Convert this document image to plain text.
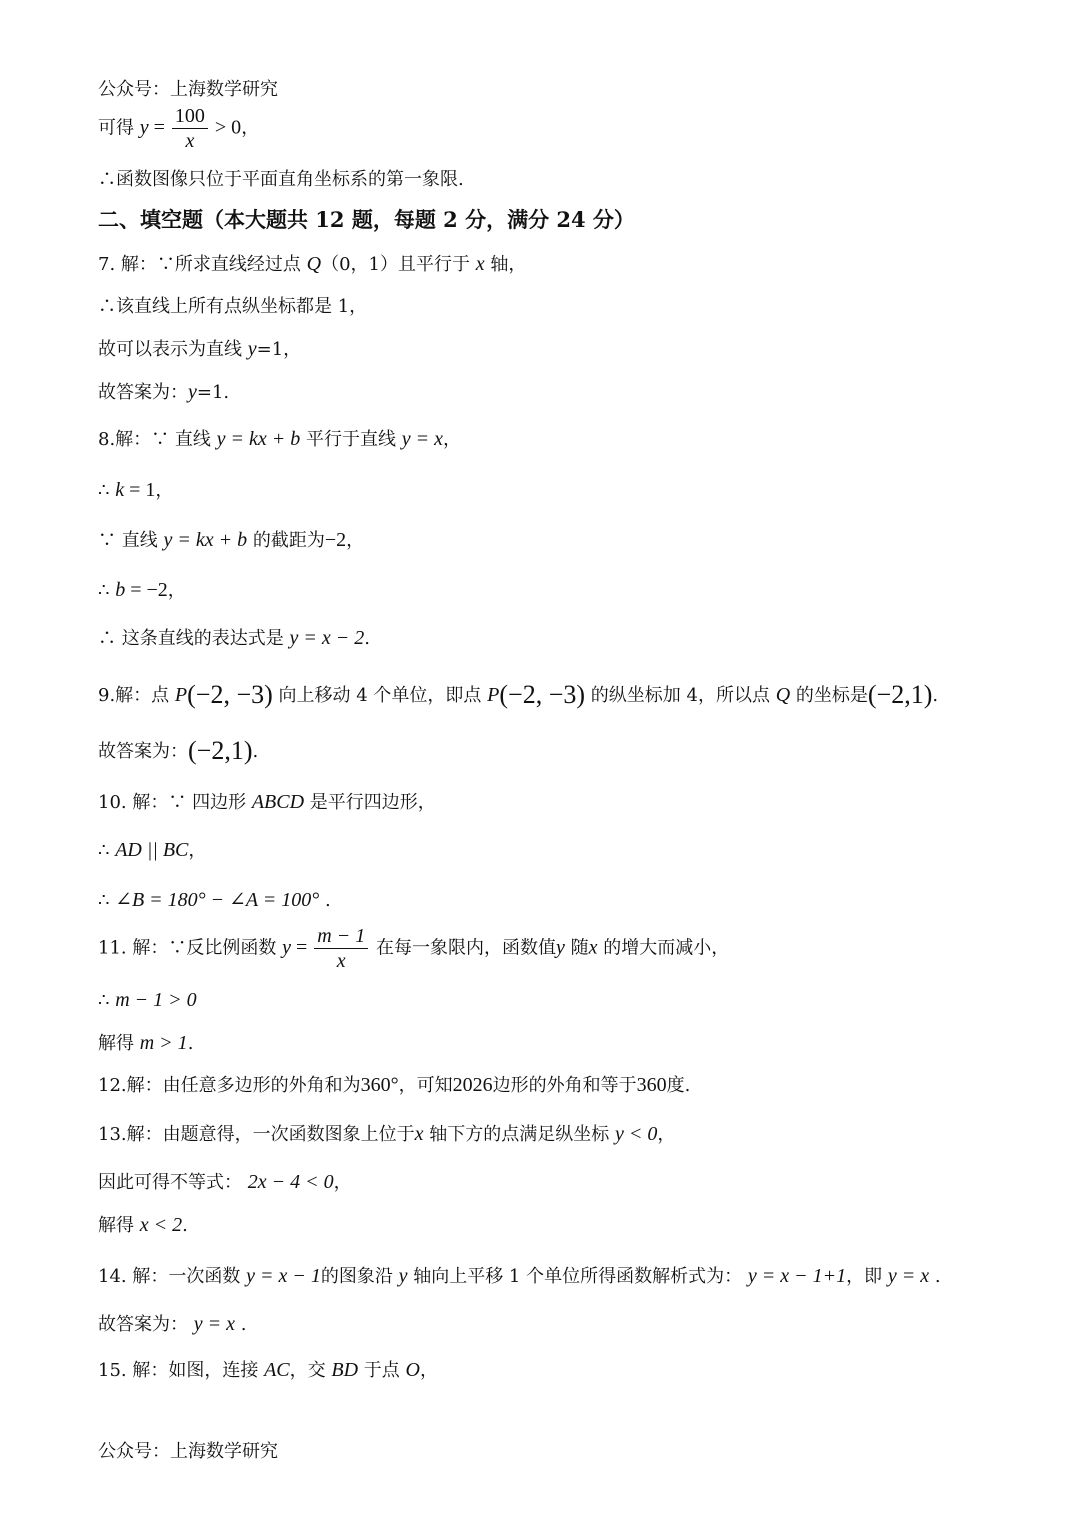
公众号：上海数学研究
可得 $y = \frac{100}{x} > 0$，
∴函数图像只位于平面直角坐标系的第一象限.
二、填空题（本大题共 12 题，每题 2 分，满分 24 分）
7. 解：∵所求直线经过点 Q（0，1）且平行于 x 轴，
∴该直线上所有点纵坐标都是 1，
故可以表示为直线 y=1，
故答案为：y=1.
8.解：∵ 直线 y = kx + b 平行于直线 y = x，
∴ k = 1，
∵ 直线 y = kx + b 的截距为−2，
∴ b = −2，
∴ 这条直线的表达式是 y = x − 2.
9.解：点 P(−2, −3) 向上移动 4 个单位，即点 P(−2, −3) 的纵坐标加 4，所以点 Q 的坐标是(−2,1).
故答案为：(−2,1).
10. 解：∵ 四边形 ABCD 是平行四边形，
∴ AD || BC，
∴ ∠B = 180° − ∠A = 100° .
11. 解：∵反比例函数 $y = \frac{m - 1}{x}$ 在每一象限内，函数值y 随x 的增大而减小，
∴ m − 1 > 0
解得 m > 1.
12.解：由任意多边形的外角和为360°，可知2026边形的外角和等于360度.
13.解：由题意得，一次函数图象上位于x 轴下方的点满足纵坐标 y < 0，
因此可得不等式： 2x − 4 < 0，
解得 x < 2.
14. 解：一次函数 y = x − 1的图象沿 y 轴向上平移 1 个单位所得函数解析式为： y = x − 1+1，即 y = x .
故答案为： y = x .
15. 解：如图，连接 AC，交 BD 于点 O，
公众号：上海数学研究
